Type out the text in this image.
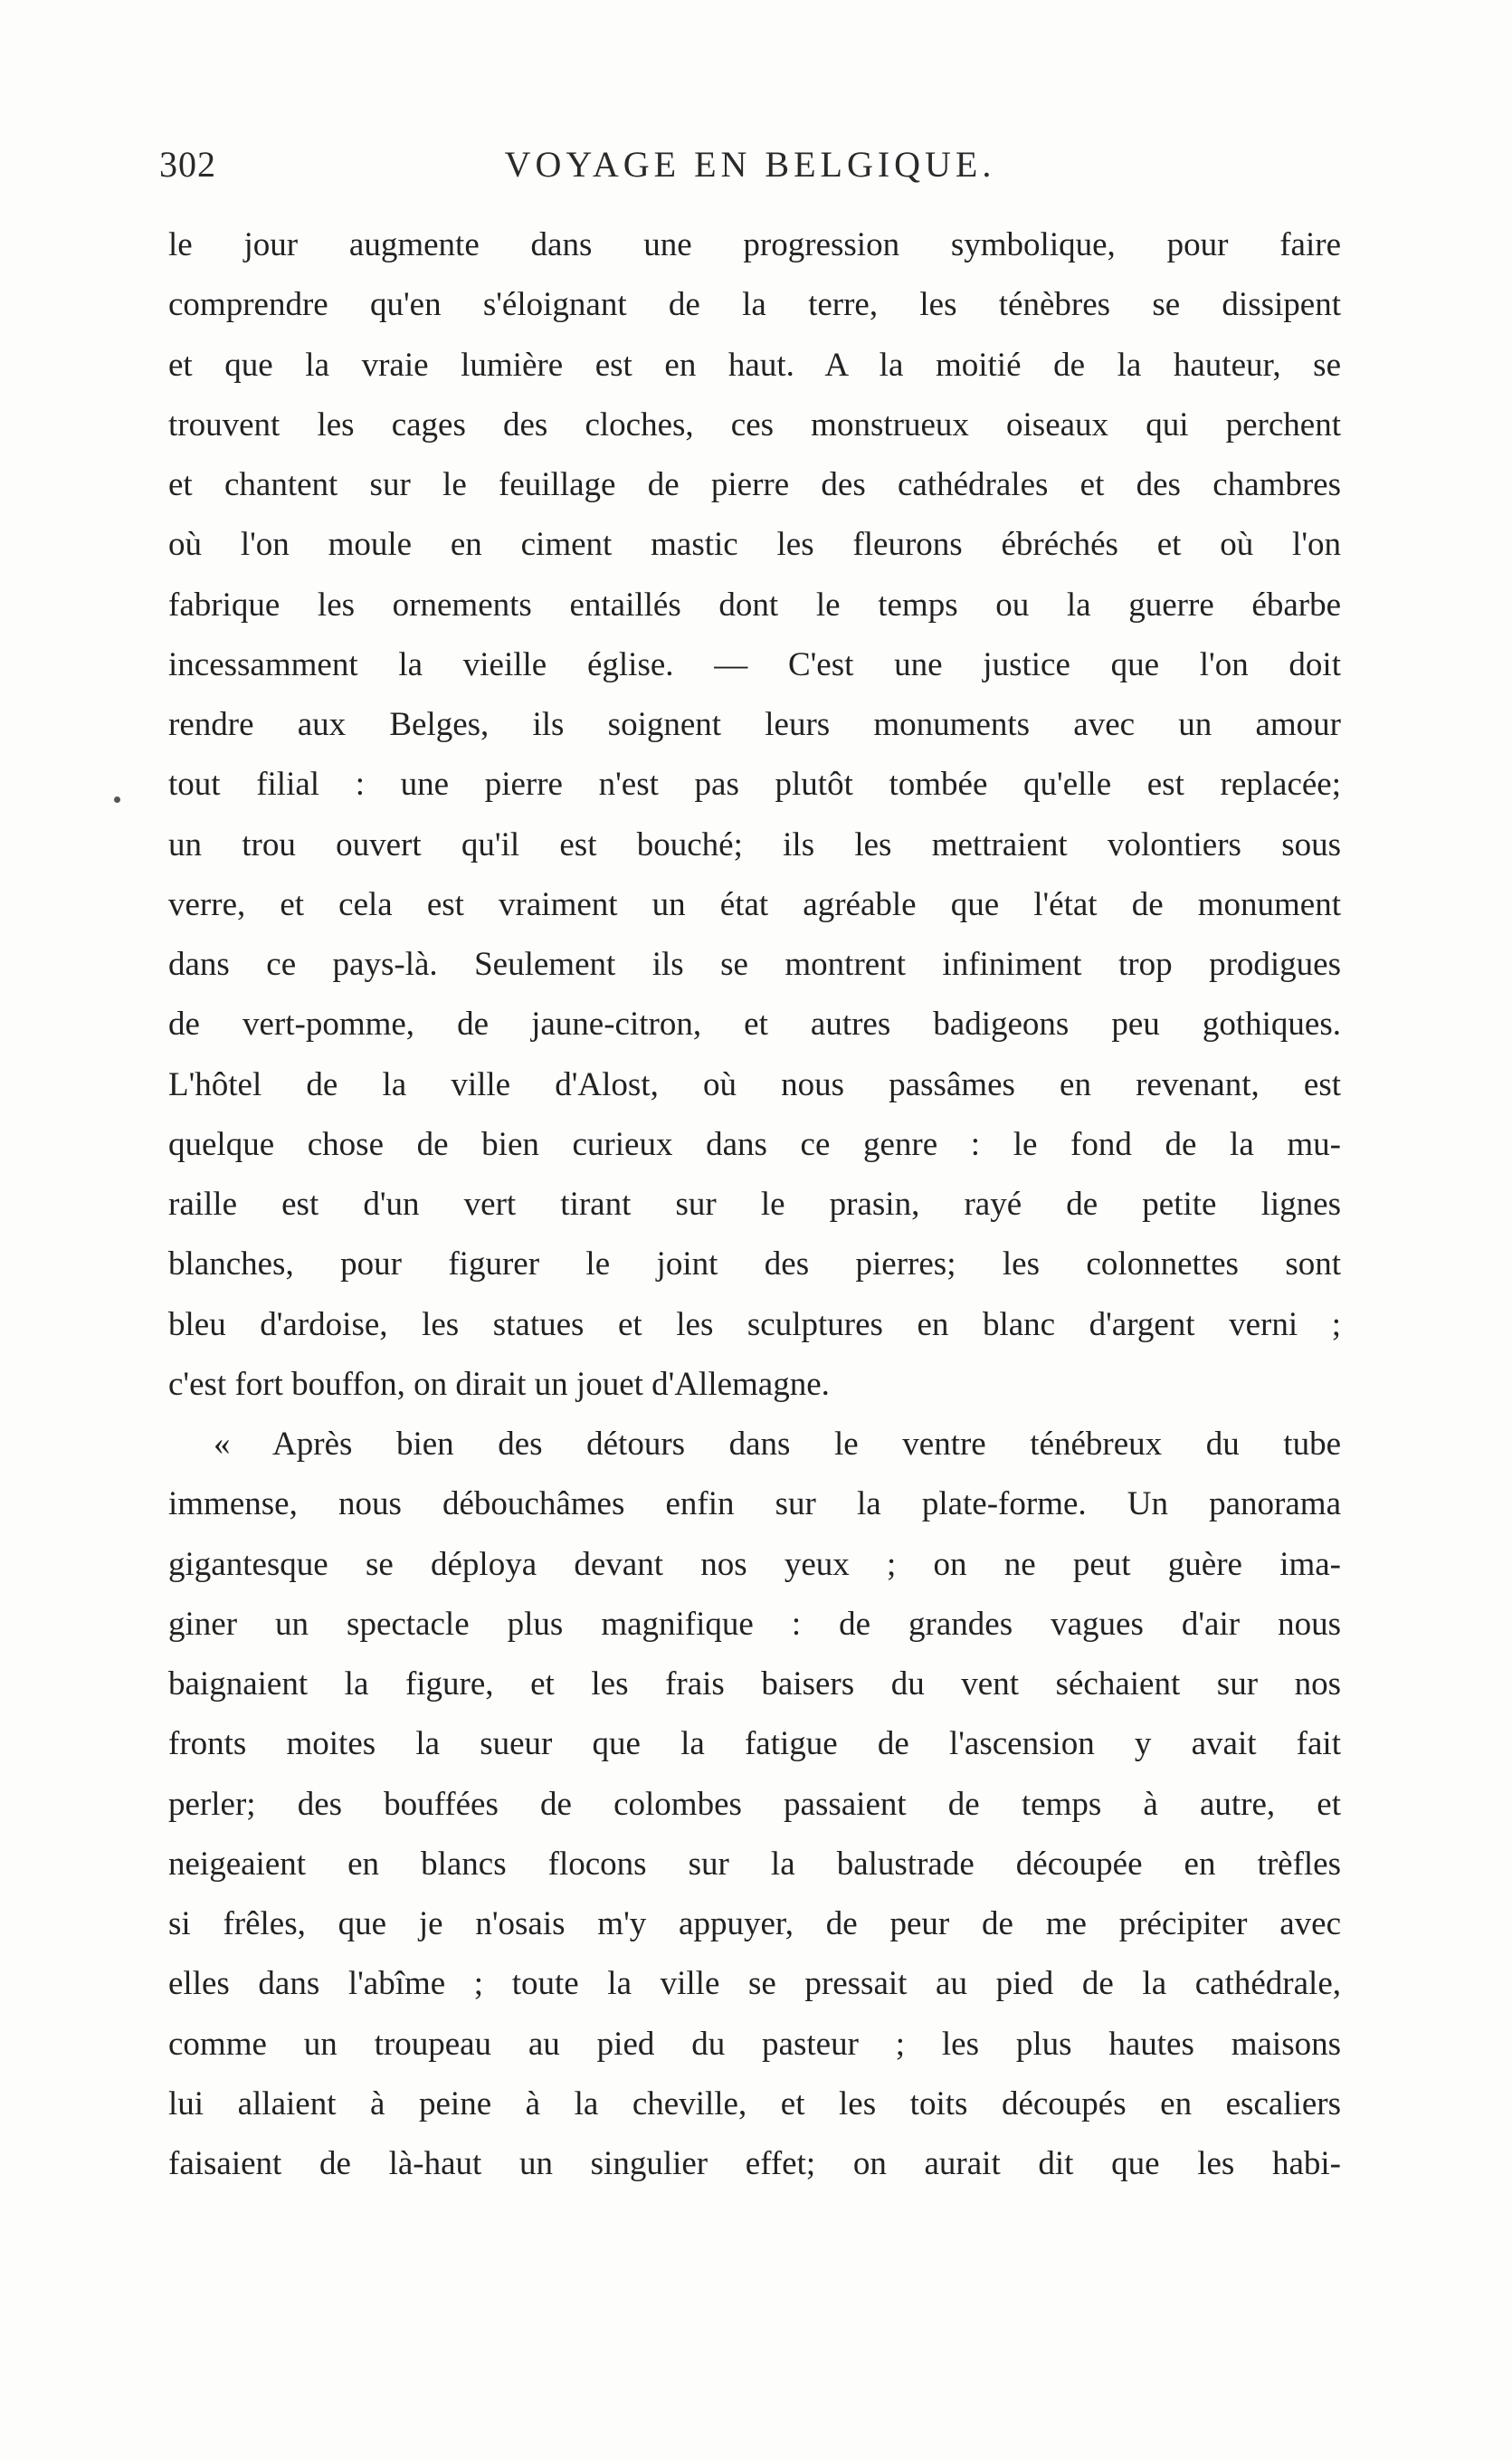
302	VOYAGE EN BELGIQUE.
le jour augmente dans une progression symbolique, pour faire
comprendre qu'en s'éloignant de la terre, les ténèbres se dissipent
et que la vraie lumière est en haut. A la moitié de la hauteur, se
trouvent les cages des cloches, ces monstrueux oiseaux qui perchent
et chantent sur le feuillage de pierre des cathédrales et des chambres
où l'on moule en ciment mastic les fleurons ébréchés et où l'on
fabrique les ornements entaillés dont le temps ou la guerre ébarbe
incessamment la vieille église. — C'est une justice que l'on doit
rendre aux Belges, ils soignent leurs monuments avec un amour
tout filial : une pierre n'est pas plutôt tombée qu'elle est replacée;
un trou ouvert qu'il est bouché; ils les mettraient volontiers sous
verre, et cela est vraiment un état agréable que l'état de monument
dans ce pays-là. Seulement ils se montrent infiniment trop prodigues
de vert-pomme, de jaune-citron, et autres badigeons peu gothiques.
L'hôtel de la ville d'Alost, où nous passâmes en revenant, est
quelque chose de bien curieux dans ce genre : le fond de la mu-
raille est d'un vert tirant sur le prasin, rayé de petite lignes
blanches, pour figurer le joint des pierres; les colonnettes sont
bleu d'ardoise, les statues et les sculptures en blanc d'argent verni ;
c'est fort bouffon, on dirait un jouet d'Allemagne.
« Après bien des détours dans le ventre ténébreux du tube
immense, nous débouchâmes enfin sur la plate-forme. Un panorama
gigantesque se déploya devant nos yeux ; on ne peut guère ima-
giner un spectacle plus magnifique : de grandes vagues d'air nous
baignaient la figure, et les frais baisers du vent séchaient sur nos
fronts moites la sueur que la fatigue de l'ascension y avait fait
perler; des bouffées de colombes passaient de temps à autre, et
neigeaient en blancs flocons sur la balustrade découpée en trèfles
si frêles, que je n'osais m'y appuyer, de peur de me précipiter avec
elles dans l'abîme ; toute la ville se pressait au pied de la cathédrale,
comme un troupeau au pied du pasteur ; les plus hautes maisons
lui allaient à peine à la cheville, et les toits découpés en escaliers
faisaient de là-haut un singulier effet; on aurait dit que les habi-
